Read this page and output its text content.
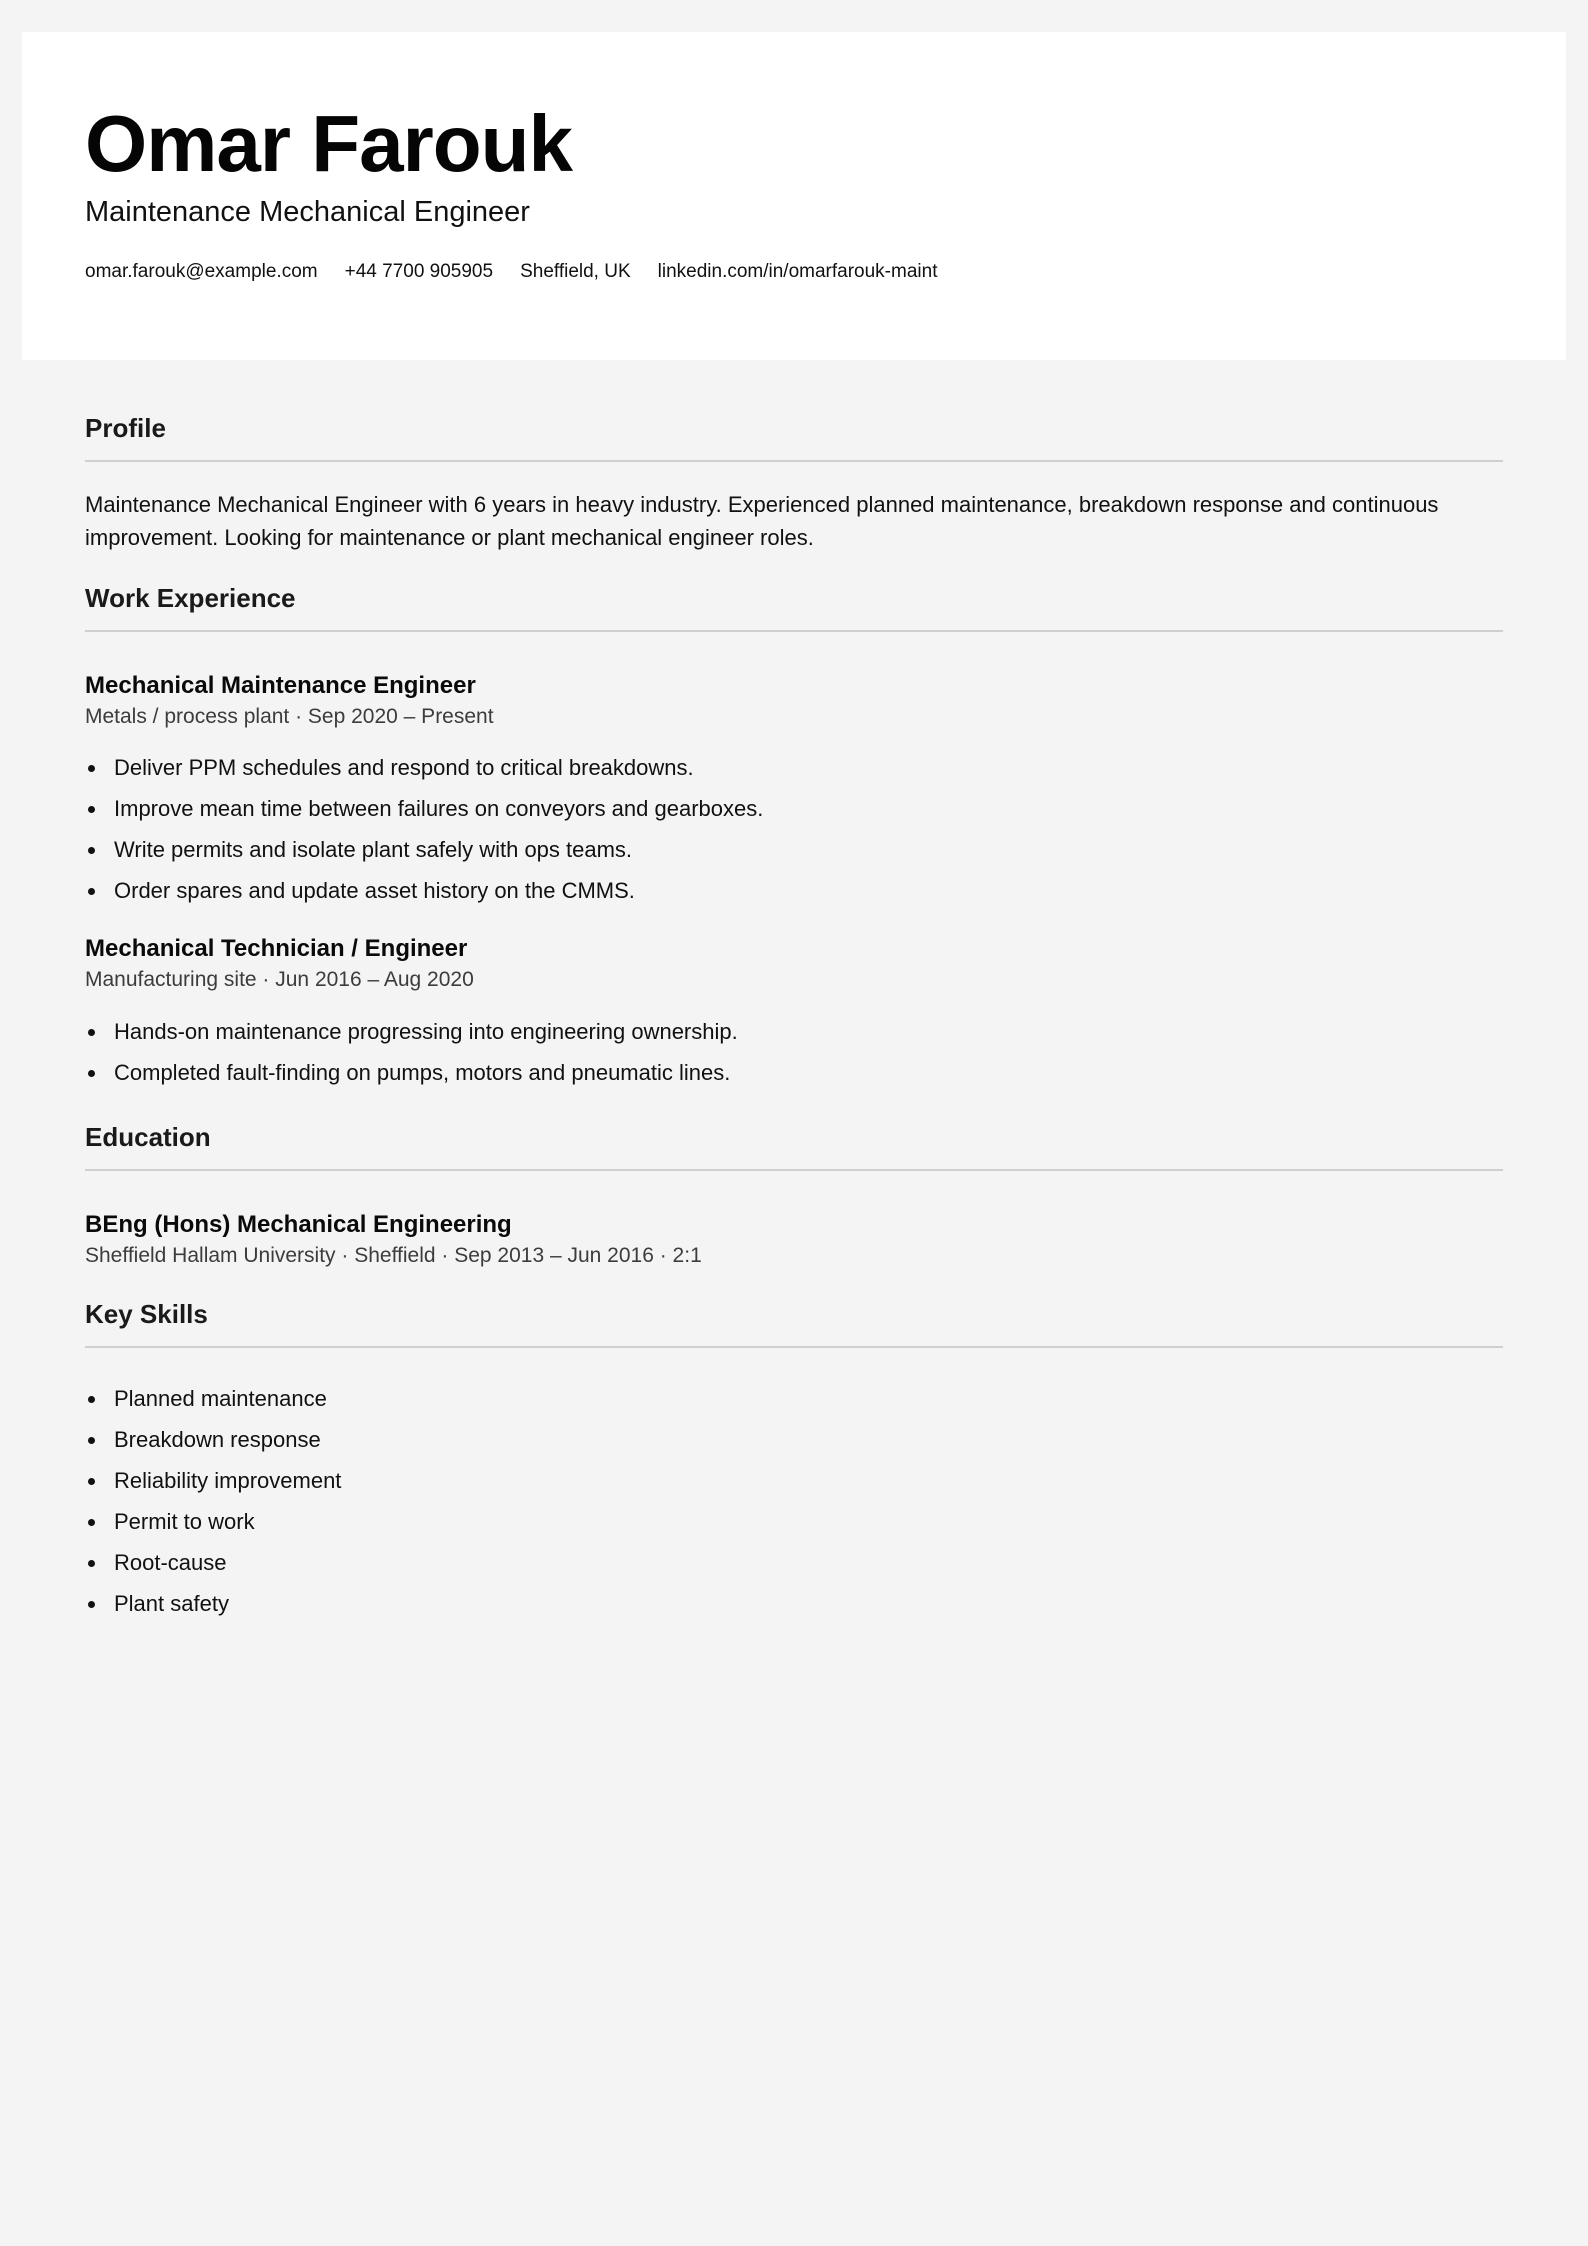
Omar Farouk
Maintenance Mechanical Engineer
omar.farouk@example.com +44 7700 905905 Sheffield, UK linkedin.com/in/omarfarouk-maint
Profile

Maintenance Mechanical Engineer with 6 years in heavy industry. Experienced planned maintenance, breakdown response and continuous improvement. Looking for maintenance or plant mechanical engineer roles.

Work Experience
Mechanical Maintenance Engineer
Metals / process plant · Sep 2020 – Present
Deliver PPM schedules and respond to critical breakdowns.
Improve mean time between failures on conveyors and gearboxes.
Write permits and isolate plant safely with ops teams.
Order spares and update asset history on the CMMS.
Mechanical Technician / Engineer
Manufacturing site · Jun 2016 – Aug 2020
Hands-on maintenance progressing into engineering ownership.
Completed fault-finding on pumps, motors and pneumatic lines.
Education
BEng (Hons) Mechanical Engineering
Sheffield Hallam University · Sheffield · Sep 2013 – Jun 2016 · 2:1
Key Skills
Planned maintenance
Breakdown response
Reliability improvement
Permit to work
Root-cause
Plant safety
